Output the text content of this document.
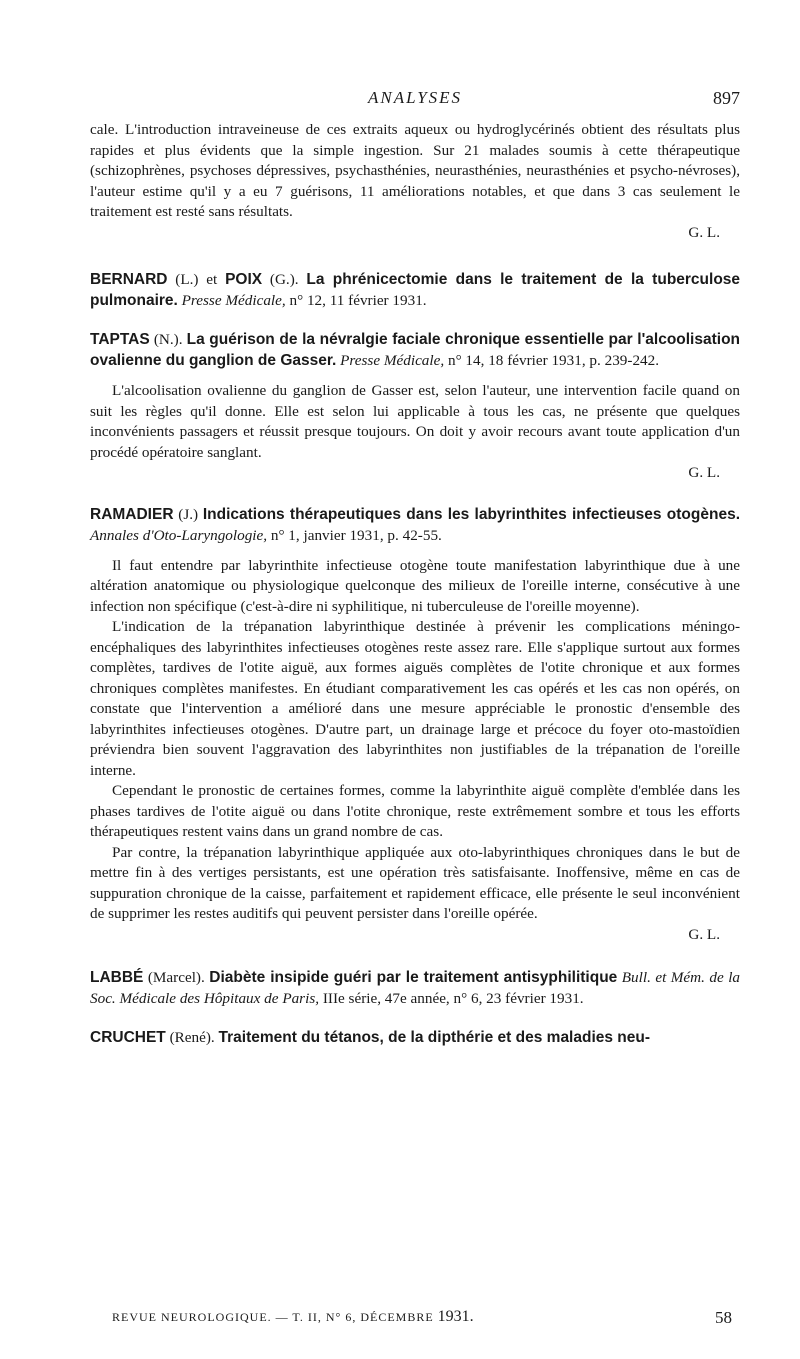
ANALYSES	897

cale. L'introduction intraveineuse de ces extraits aqueux ou hydroglycérinés obtient des résultats plus rapides et plus évidents que la simple ingestion. Sur 21 malades soumis à cette thérapeutique (schizophrènes, psychoses dépressives, psychasthénies, neurasthénies, neurasthénies et psycho-névroses), l'auteur estime qu'il y a eu 7 guérisons, 11 améliorations notables, et que dans 3 cas seulement le traitement est resté sans résultats.

G. L.

BERNARD (L.) et POIX (G.). La phrénicectomie dans le traitement de la tuberculose pulmonaire. Presse Médicale, n° 12, 11 février 1931.

TAPTAS (N.). La guérison de la névralgie faciale chronique essentielle par l'alcoolisation ovalienne du ganglion de Gasser. Presse Médicale, n° 14, 18 février 1931, p. 239-242.

L'alcoolisation ovalienne du ganglion de Gasser est, selon l'auteur, une intervention facile quand on suit les règles qu'il donne. Elle est selon lui applicable à tous les cas, ne présente que quelques inconvénients passagers et réussit presque toujours. On doit y avoir recours avant toute application d'un procédé opératoire sanglant.

G. L.

RAMADIER (J.) Indications thérapeutiques dans les labyrinthites infectieuses otogènes. Annales d'Oto-Laryngologie, n° 1, janvier 1931, p. 42-55.

Il faut entendre par labyrinthite infectieuse otogène toute manifestation labyrinthique due à une altération anatomique ou physiologique quelconque des milieux de l'oreille interne, consécutive à une infection non spécifique (c'est-à-dire ni syphilitique, ni tuberculeuse de l'oreille moyenne).

L'indication de la trépanation labyrinthique destinée à prévenir les complications méningo-encéphaliques des labyrinthites infectieuses otogènes reste assez rare. Elle s'applique surtout aux formes complètes, tardives de l'otite aiguë, aux formes aiguës complètes de l'otite chronique et aux formes chroniques complètes manifestes. En étudiant comparativement les cas opérés et les cas non opérés, on constate que l'intervention a amélioré dans une mesure appréciable le pronostic d'ensemble des labyrinthites infectieuses otogènes. D'autre part, un drainage large et précoce du foyer oto-mastoïdien préviendra bien souvent l'aggravation des labyrinthites non justifiables de la trépanation de l'oreille interne.

Cependant le pronostic de certaines formes, comme la labyrinthite aiguë complète d'emblée dans les phases tardives de l'otite aiguë ou dans l'otite chronique, reste extrêmement sombre et tous les efforts thérapeutiques restent vains dans un grand nombre de cas.

Par contre, la trépanation labyrinthique appliquée aux oto-labyrinthiques chroniques dans le but de mettre fin à des vertiges persistants, est une opération très satisfaisante. Inoffensive, même en cas de suppuration chronique de la caisse, parfaitement et rapidement efficace, elle présente le seul inconvénient de supprimer les restes auditifs qui peuvent persister dans l'oreille opérée.

G. L.

LABBÉ (Marcel). Diabète insipide guéri par le traitement antisyphilitique Bull. et Mém. de la Soc. Médicale des Hôpitaux de Paris, IIIe série, 47e année, n° 6, 23 février 1931.

CRUCHET (René). Traitement du tétanos, de la dipthérie et des maladies neu-

REVUE NEUROLOGIQUE. — T. II, N° 6, DÉCEMBRE 1931.	58
